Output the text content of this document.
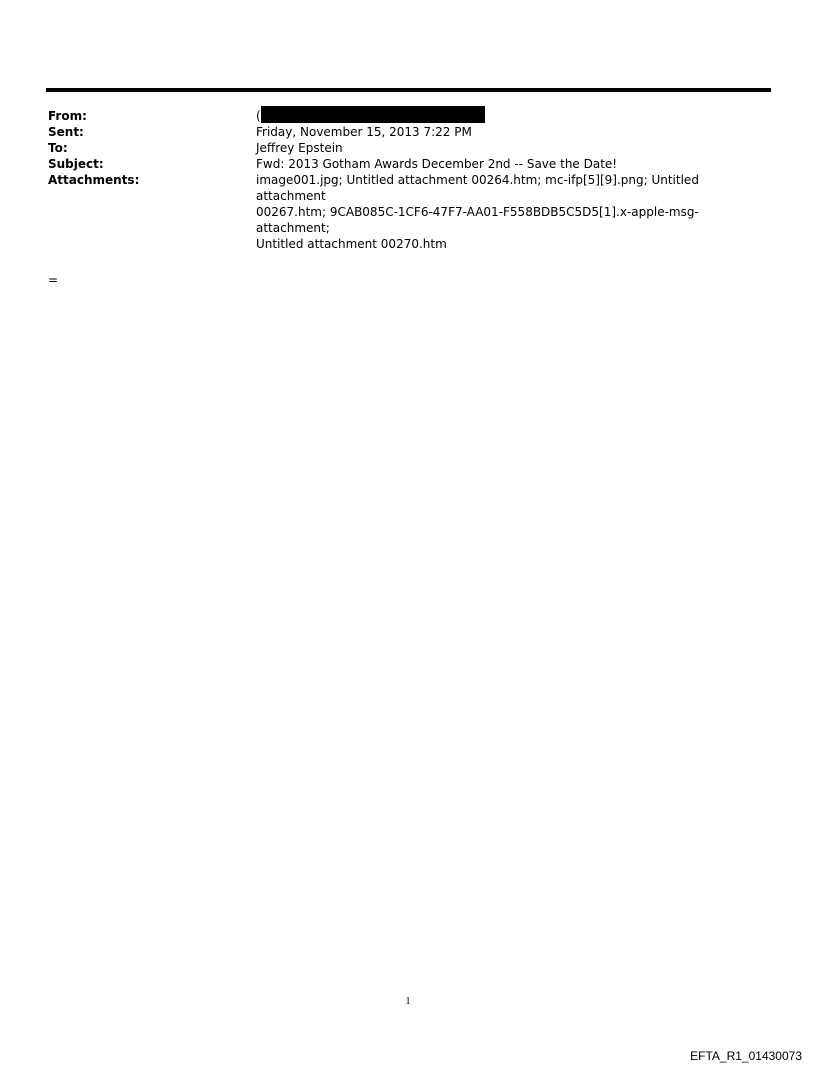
From:	(
Sent:	Friday, November 15, 2013 7:22 PM
To:	Jeffrey Epstein
Subject:	Fwd: 2013 Gotham Awards December 2nd -- Save the Date!
Attachments:	image001.jpg; Untitled attachment 00264.htm; mc-ifp[5][9].png; Untitled attachment
00267.htm; 9CAB085C-1CF6-47F7-AA01-F558BDB5C5D5[1].x-apple-msg-attachment;
Untitled attachment 00270.htm
=
1
EFTA_R1_01430073
